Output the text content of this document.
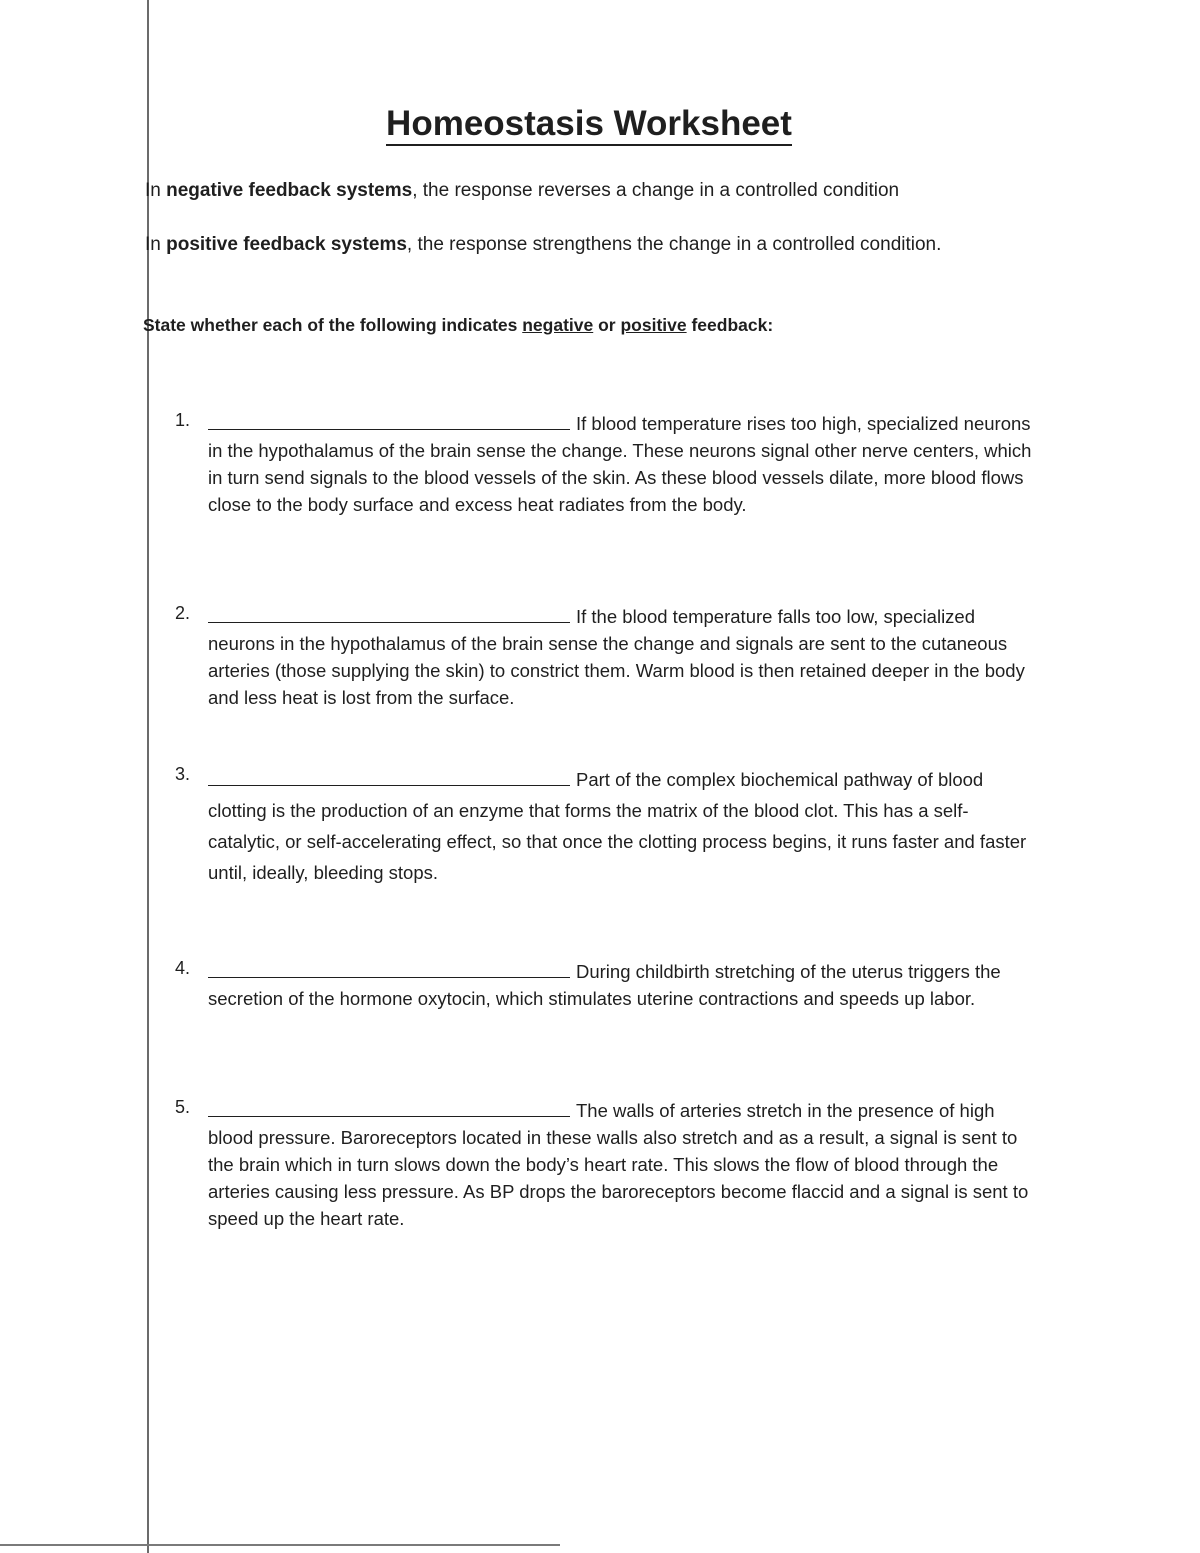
Homeostasis Worksheet

In negative feedback systems, the response reverses a change in a controlled condition

In positive feedback systems, the response strengthens the change in a controlled condition.

State whether each of the following indicates negative or positive feedback:

1.	If blood temperature rises too high, specialized neurons in the hypothalamus of the brain sense the change. These neurons signal other nerve centers, which in turn send signals to the blood vessels of the skin. As these blood vessels dilate, more blood flows close to the body surface and excess heat radiates from the body.
2.	If the blood temperature falls too low, specialized neurons in the hypothalamus of the brain sense the change and signals are sent to the cutaneous arteries (those supplying the skin) to constrict them. Warm blood is then retained deeper in the body and less heat is lost from the surface.
3.	Part of the complex biochemical pathway of blood clotting is the production of an enzyme that forms the matrix of the blood clot. This has a self- catalytic, or self-accelerating effect, so that once the clotting process begins, it runs faster and faster until, ideally, bleeding stops.
4.	During childbirth stretching of the uterus triggers the secretion of the hormone oxytocin, which stimulates uterine contractions and speeds up labor.
5.	The walls of arteries stretch in the presence of high blood pressure. Baroreceptors located in these walls also stretch and as a result, a signal is sent to the brain which in turn slows down the body’s heart rate. This slows the flow of blood through the arteries causing less pressure. As BP drops the baroreceptors become flaccid and a signal is sent to speed up the heart rate.
